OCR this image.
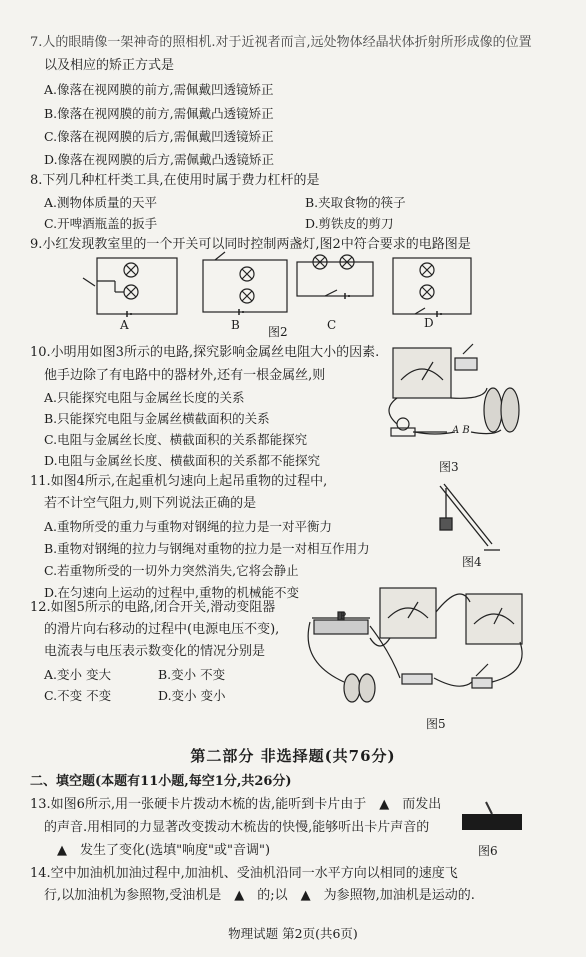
7.人的眼睛像一架神奇的照相机.对于近视者而言,远处物体经晶状体折射所形成像的位置
以及相应的矫正方式是
A.像落在视网膜的前方,需佩戴凹透镜矫正
B.像落在视网膜的前方,需佩戴凸透镜矫正
C.像落在视网膜的后方,需佩戴凹透镜矫正
D.像落在视网膜的后方,需佩戴凸透镜矫正
8.下列几种杠杆类工具,在使用时属于费力杠杆的是
A.测物体质量的天平	B.夹取食物的筷子
C.开啤酒瓶盖的扳手	D.剪铁皮的剪刀
9.小红发现教室里的一个开关可以同时控制两盏灯,图2中符合要求的电路图是
A	B	C	D
图2
10.小明用如图3所示的电路,探究影响金属丝电阻大小的因素.
他手边除了有电路中的器材外,还有一根金属丝,则
A.只能探究电阻与金属丝长度的关系
B.只能探究电阻与金属丝横截面积的关系
C.电阻与金属丝长度、横截面积的关系都能探究
D.电阻与金属丝长度、横截面积的关系都不能探究
A B
图3
11.如图4所示,在起重机匀速向上起吊重物的过程中,
若不计空气阻力,则下列说法正确的是
A.重物所受的重力与重物对钢绳的拉力是一对平衡力
B.重物对钢绳的拉力与钢绳对重物的拉力是一对相互作用力
C.若重物所受的一切外力突然消失,它将会静止
D.在匀速向上运动的过程中,重物的机械能不变
图4
12.如图5所示的电路,闭合开关,滑动变阻器
的滑片向右移动的过程中(电源电压不变),
电流表与电压表示数变化的情况分别是
A.变小 变大	B.变小 不变
C.不变 不变	D.变小 变小
P
图5
第二部分 非选择题(共76分)
二、填空题(本题有11小题,每空1分,共26分)
13.如图6所示,用一张硬卡片拨动木梳的齿,能听到卡片由于 ▲ 而发出
的声音.用相同的力显著改变拨动木梳齿的快慢,能够听出卡片声音的
▲ 发生了变化(选填"响度"或"音调")	图6
14.空中加油机加油过程中,加油机、受油机沿同一水平方向以相同的速度飞
行,以加油机为参照物,受油机是 ▲ 的;以 ▲ 为参照物,加油机是运动的.
物理试题 第2页(共6页)
